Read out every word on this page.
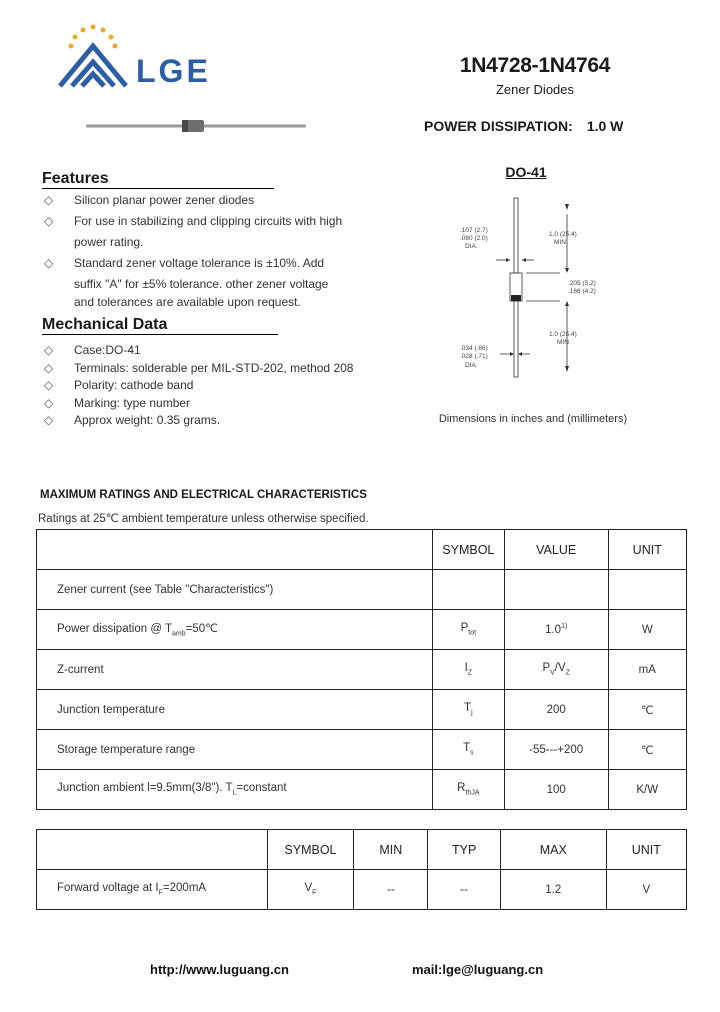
LGE	1N4728-1N4764
Zener Diodes
POWER DISSIPATION: 1.0 W
Features
◇ Silicon planar power zener diodes
◇ For use in stabilizing and clipping circuits with high
power rating.
◇ Standard zener voltage tolerance is ±10%. Add
suffix "A" for ±5% tolerance. other zener voltage
and tolerances are available upon request.
Mechanical Data
◇ Case:DO-41
◇ Terminals: solderable per MIL-STD-202, method 208
◇ Polarity: cathode band
◇ Marking: type number
◇ Approx weight: 0.35 grams.
DO-41
.107 (2.7)
.080 (2.0)
DIA.
1.0 (25.4)
MIN.
.205 (5.2)
.166 (4.2)
1.0 (25.4)
MIN
.034 (.86)
.028 (.71)
DIA.
Dimensions in inches and (millimeters)
MAXIMUM RATINGS AND ELECTRICAL CHARACTERISTICS
Ratings at 25℃ ambient temperature unless otherwise specified.
	SYMBOL	VALUE	UNIT
Zener current (see Table "Characteristics")			
Power dissipation @ $T_{amb}=50℃$	$P_{tot}$	1.0$^{1)}$	W
Z-current	$I_Z$	$P_V/V_Z$	mA
Junction temperature	$T_j$	200	℃
Storage temperature range	$T_s$	-55---+200	℃
Junction ambient l=9.5mm(3/8"). $T_L=constant$	$R_{thJA}$	100	K/W
	SYMBOL	MIN	TYP	MAX	UNIT
Forward voltage at $I_F=200mA$	$V_F$	--	--	1.2	V
http://www.luguang.cn	mail:lge@luguang.cn
